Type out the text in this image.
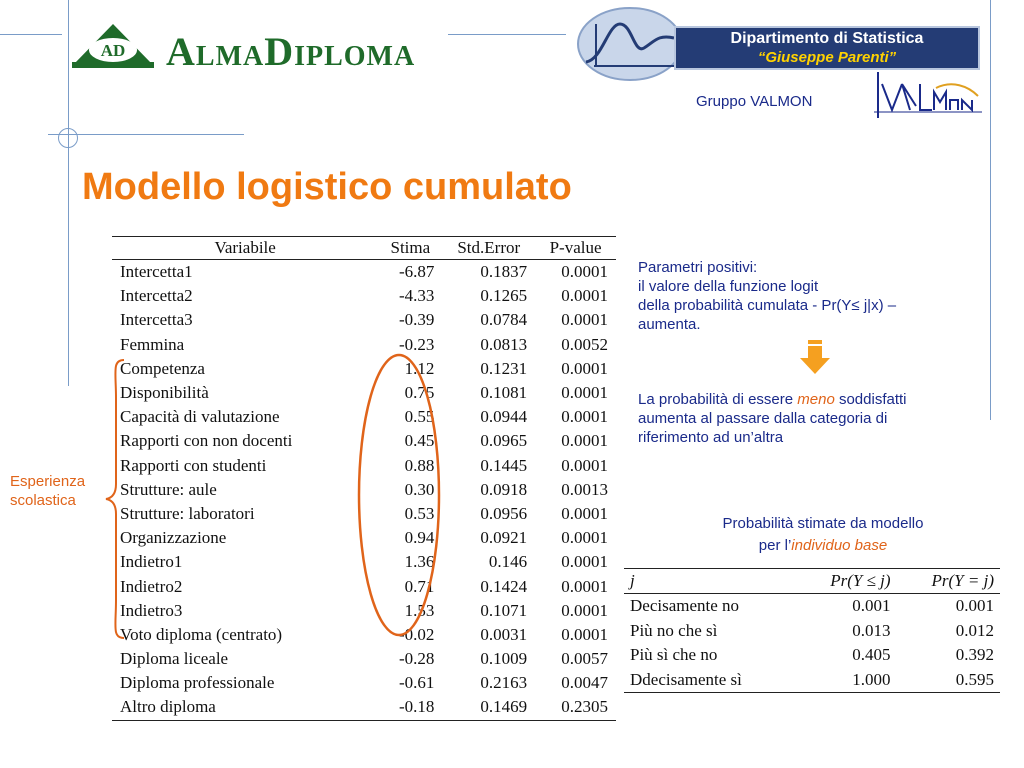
AD AlmaDiploma	Dipartimento di Statistica
“Giuseppe Parenti”
Gruppo VALMON
Modello logistico cumulato
Variabile	Stima	Std.Error	P-value
Intercetta1	-6.87	0.1837	0.0001
Intercetta2	-4.33	0.1265	0.0001
Intercetta3	-0.39	0.0784	0.0001
Femmina	-0.23	0.0813	0.0052
Competenza	1.12	0.1231	0.0001
Disponibilità	0.75	0.1081	0.0001
Capacità di valutazione	0.55	0.0944	0.0001
Rapporti con non docenti	0.45	0.0965	0.0001
Rapporti con studenti	0.88	0.1445	0.0001
Strutture: aule	0.30	0.0918	0.0013
Strutture: laboratori	0.53	0.0956	0.0001
Organizzazione	0.94	0.0921	0.0001
Indietro1	1.36	0.146	0.0001
Indietro2	0.71	0.1424	0.0001
Indietro3	1.53	0.1071	0.0001
Voto diploma (centrato)	-0.02	0.0031	0.0001
Diploma liceale	-0.28	0.1009	0.0057
Diploma professionale	-0.61	0.2163	0.0047
Altro diploma	-0.18	0.1469	0.2305
Esperienza
scolastica
Parametri positivi:
il valore della funzione logit
della probabilità cumulata - Pr(Y≤ j|x) –
aumenta.
La probabilità di essere meno soddisfatti
aumenta al passare dalla categoria di
riferimento ad un’altra
Probabilità stimate da modello
per l’individuo base
j	Pr(Y ≤ j)	Pr(Y = j)
Decisamente no	0.001	0.001
Più no che sì	0.013	0.012
Più sì che no	0.405	0.392
Ddecisamente sì	1.000	0.595
